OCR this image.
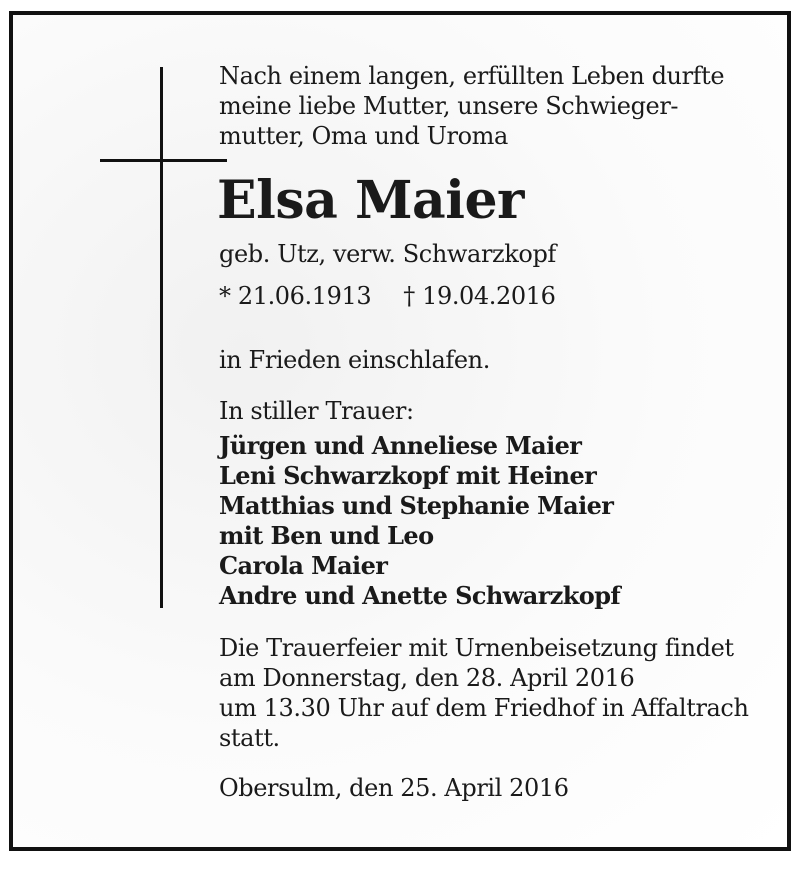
Nach einem langen, erfüllten Leben durfte
meine liebe Mutter, unsere Schwieger-
mutter, Oma und Uroma
Elsa Maier
geb. Utz, verw. Schwarzkopf
* 21.06.1913 † 19.04.2016
in Frieden einschlafen.
In stiller Trauer:
Jürgen und Anneliese Maier
Leni Schwarzkopf mit Heiner
Matthias und Stephanie Maier
mit Ben und Leo
Carola Maier
Andre und Anette Schwarzkopf
Die Trauerfeier mit Urnenbeisetzung findet
am Donnerstag, den 28. April 2016
um 13.30 Uhr auf dem Friedhof in Affaltrach
statt.
Obersulm, den 25. April 2016
